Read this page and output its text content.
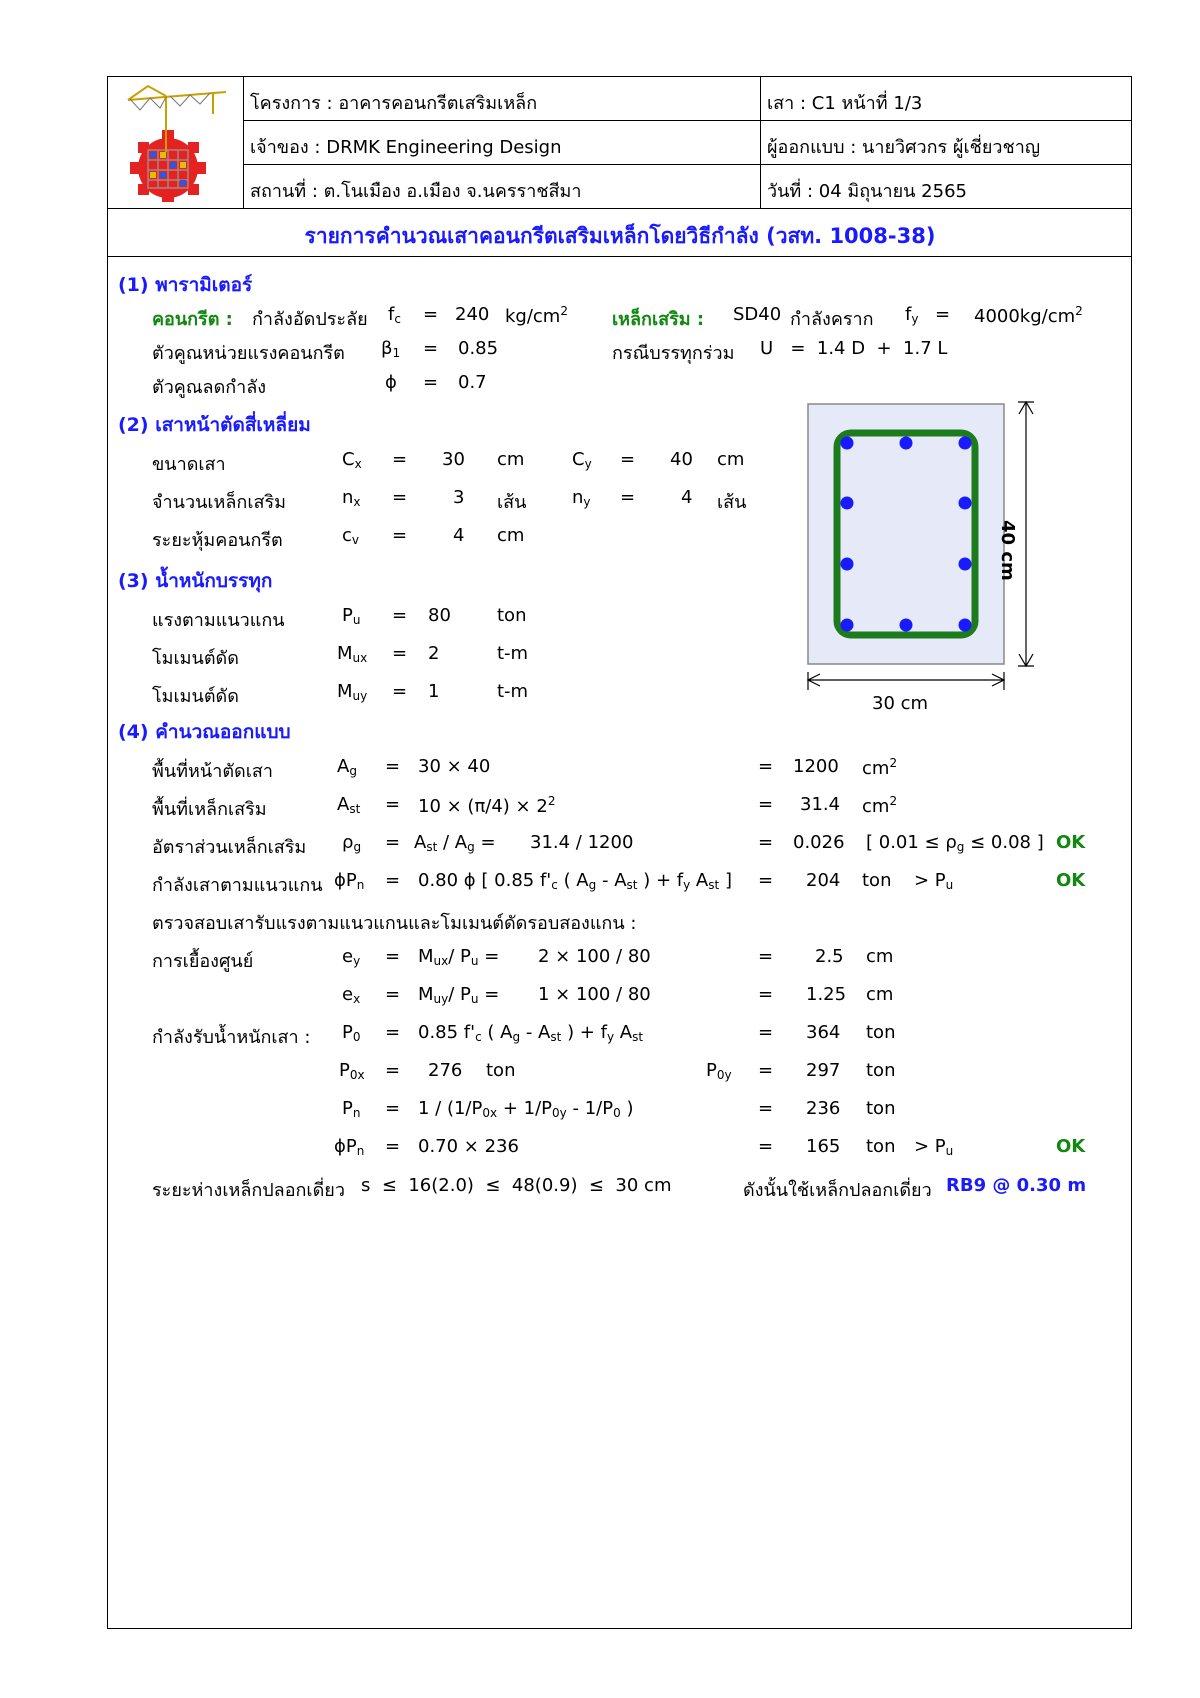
โครงการ : อาคารคอนกรีตเสริมเหล็ก	เสา : C1 หน้าที่ 1/3
เจ้าของ : DRMK Engineering Design	ผู้ออกแบบ : นายวิศวกร ผู้เชี่ยวชาญ
สถานที่ : ต.โนเมือง อ.เมือง จ.นครราชสีมา	วันที่ : 04 มิถุนายน 2565
รายการคำนวณเสาคอนกรีตเสริมเหล็กโดยวิธีกำลัง (วสท. 1008-38)
(1) พารามิเตอร์
คอนกรีต : กำลังอัดประลัย $f_c = 240$ $kg/cm^2$ เหล็กเสริม : SD40 กำลังคราก $f_y = 4000kg/cm^2$
ตัวคูณหน่วยแรงคอนกรีต $\beta_1 = 0.85$	กรณีบรรทุกร่วม U   =  1.4 D  +  1.7 L
ตัวคูณลดกำลัง	ϕ = 0.7
(2) เสาหน้าตัดสี่เหลี่ยม
ขนาดเสา	$C_x = 30$ cm	$C_y = 40$ cm
จำนวนเหล็กเสริม	$n_x$ =	3 เส้น	$n_y$ =	4 เส้น
ระยะหุ้มคอนกรีต	$c_v$ =	4 cm
(3) น้ำหนักบรรทุก
แรงตามแนวแกน	$P_u = 80$	ton
โมเมนต์ดัด	$M_{ux} = 2$	t-m
โมเมนต์ดัด	$M_{uy} = 1$	t-m
40 cm
30 cm
(4) คำนวณออกแบบ
พื้นที่หน้าตัดเสา	$A_g = 30 \times 40$	= 1200 $cm^2$
พื้นที่เหล็กเสริม	$A_{st} = 10 \times (\pi/4) \times 2^2$	= 31.4 $cm^2$
อัตราส่วนเหล็กเสริม $\rho_g = A_{st} / A_g = 31.4 / 1200$	= 0.026 [ $0.01 \le \rho_g \le 0.08$ ] OK
กำลังเสาตามแนวแกน $\phi P_n = 0.80$ ϕ [ 0.85 $f'_c$ ( $A_g - A_{st}$ ) + $f_y$ $A_{st}$ ] = 204 ton > $P_u$	OK
ตรวจสอบเสารับแรงตามแนวแกนและโมเมนต์ดัดรอบสองแกน :
การเยื้องศูนย์	$e_y = M_{ux}/$ $P_u = 2 \times 100 / 80$	= 2.5 cm
$e_x = M_{uy}/$ $P_u = 1 \times 100 / 80$	= 1.25 cm
กำลังรับน้ำหนักเสา : $P_0 = 0.85$ $f'_c$ ( $A_g - A_{st}$ ) + $f_y$ $A_{st}$	= 364 ton
$P_{0x} = 276$ ton	$P_{0y} = 297$ ton
$P_n = 1 / (1/P_{0x} + 1/P_{0y} - 1/P_0$ )	= 236 ton
$\phi P_n = 0.70 \times 236$	= 165 ton > $P_u$	OK
ระยะห่างเหล็กปลอกเดี่ยว s  ≤  16(2.0)  ≤  48(0.9)  ≤  30 cm	ดังนั้นใช้เหล็กปลอกเดี่ยว RB9 @ 0.30 m
